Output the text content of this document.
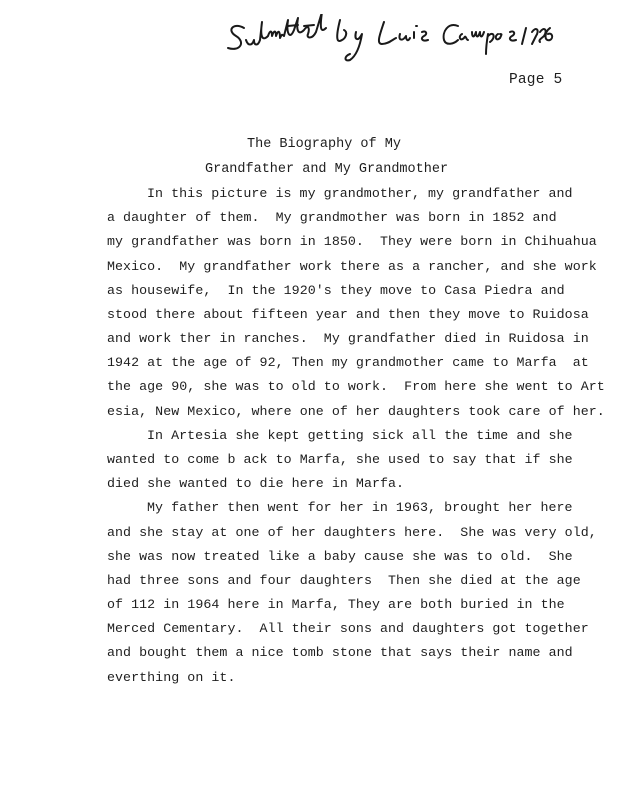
Page 5
The Biography of My
Grandfather and My Grandmother
In this picture is my grandmother, my grandfather and
a daughter of them.  My grandmother was born in 1852 and
my grandfather was born in 1850.  They were born in Chihuahua
Mexico.  My grandfather work there as a rancher, and she work
as housewife,  In the 1920's they move to Casa Piedra and
stood there about fifteen year and then they move to Ruidosa
and work ther in ranches.  My grandfather died in Ruidosa in
1942 at the age of 92, Then my grandmother came to Marfa  at
the age 90, she was to old to work.  From here she went to Art
esia, New Mexico, where one of her daughters took care of her.
In Artesia she kept getting sick all the time and she
wanted to come b ack to Marfa, she used to say that if she
died she wanted to die here in Marfa.
My father then went for her in 1963, brought her here
and she stay at one of her daughters here.  She was very old,
she was now treated like a baby cause she was to old.  She
had three sons and four daughters  Then she died at the age
of 112 in 1964 here in Marfa, They are both buried in the
Merced Cementary.  All their sons and daughters got together
and bought them a nice tomb stone that says their name and
everthing on it.
